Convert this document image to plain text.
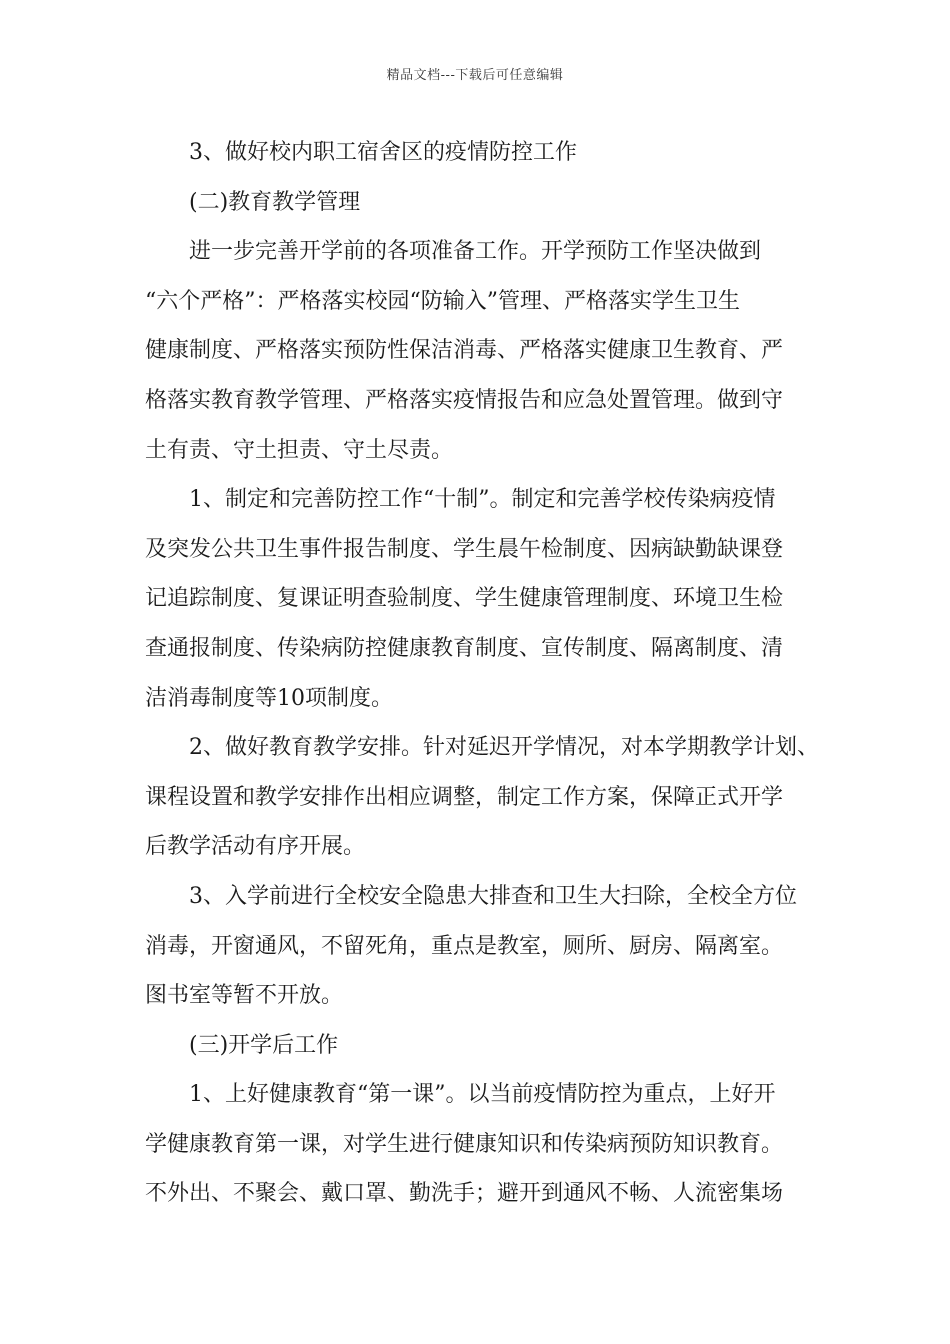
精品文档---下载后可任意编辑

3、做好校内职工宿舍区的疫情防控工作

(二)教育教学管理

进一步完善开学前的各项准备工作。开学预防工作坚决做到

“六个严格”：严格落实校园“防输入”管理、严格落实学生卫生

健康制度、严格落实预防性保洁消毒、严格落实健康卫生教育、严

格落实教育教学管理、严格落实疫情报告和应急处置管理。做到守

土有责、守土担责、守土尽责。

1、制定和完善防控工作“十制”。制定和完善学校传染病疫情

及突发公共卫生事件报告制度、学生晨午检制度、因病缺勤缺课登

记追踪制度、复课证明查验制度、学生健康管理制度、环境卫生检

查通报制度、传染病防控健康教育制度、宣传制度、隔离制度、清

洁消毒制度等10项制度。

2、做好教育教学安排。针对延迟开学情况，对本学期教学计划、

课程设置和教学安排作出相应调整，制定工作方案，保障正式开学

后教学活动有序开展。

3、入学前进行全校安全隐患大排查和卫生大扫除，全校全方位

消毒，开窗通风，不留死角，重点是教室，厕所、厨房、隔离室。

图书室等暂不开放。

(三)开学后工作

1、上好健康教育“第一课”。以当前疫情防控为重点，上好开

学健康教育第一课，对学生进行健康知识和传染病预防知识教育。

不外出、不聚会、戴口罩、勤洗手；避开到通风不畅、人流密集场
